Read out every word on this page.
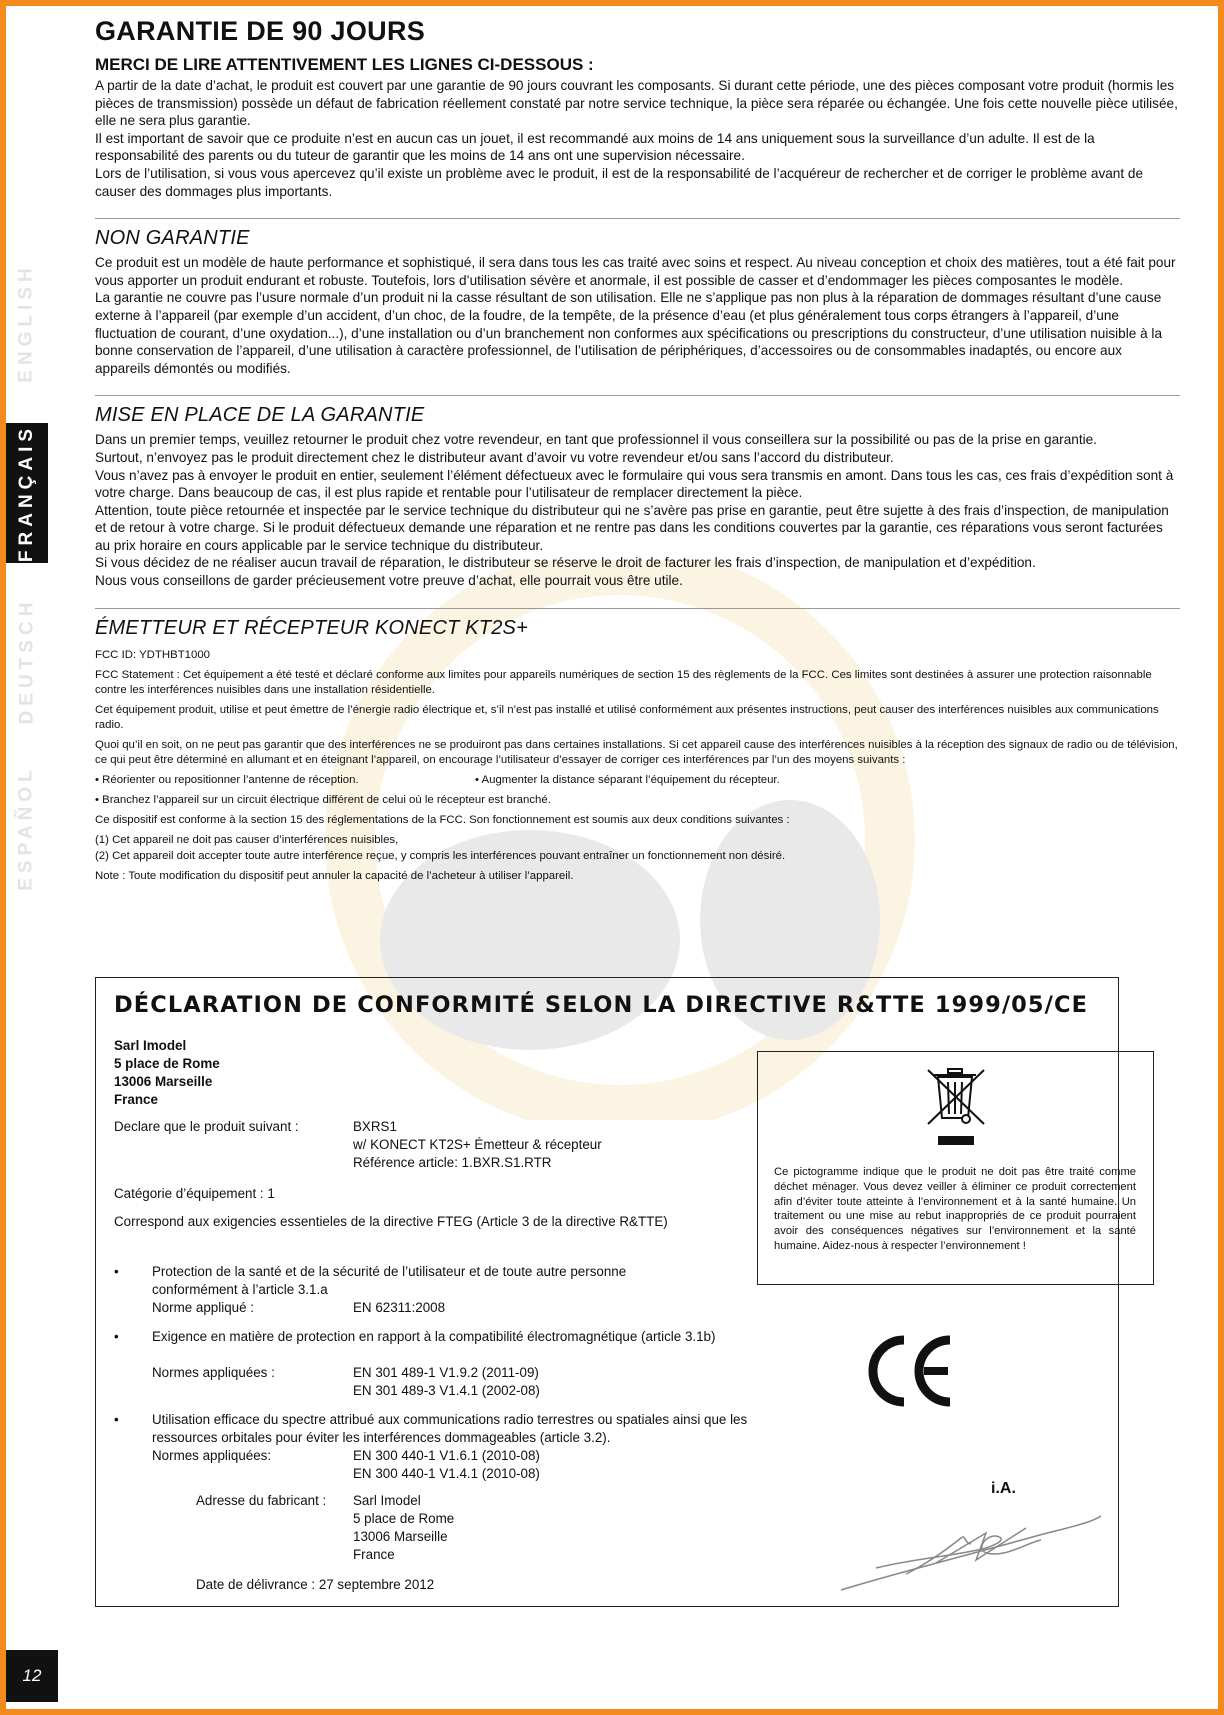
ENGLISH
FRANÇAIS
DEUTSCH
ESPAÑOL
12
GARANTIE DE 90 JOURS
MERCI DE LIRE ATTENTIVEMENT LES LIGNES CI-DESSOUS :

A partir de la date d’achat, le produit est couvert par une garantie de 90 jours couvrant les composants. Si durant cette période, une des pièces composant votre produit (hormis les pièces de transmission) possède un défaut de fabrication réellement constaté par notre service technique, la pièce sera réparée ou échangée. Une fois cette nouvelle pièce utilisée, elle ne sera plus garantie.

Il est important de savoir que ce produite n’est en aucun cas un jouet, il est recommandé aux moins de 14 ans uniquement sous la surveillance d’un adulte. Il est de la responsabilité des parents ou du tuteur de garantir que les moins de 14 ans ont une supervision nécessaire.

Lors de l’utilisation, si vous vous apercevez qu’il existe un problème avec le produit, il est de la responsabilité de l’acquéreur de rechercher et de corriger le problème avant de causer des dommages plus importants.

NON GARANTIE

Ce produit est un modèle de haute performance et sophistiqué, il sera dans tous les cas traité avec soins et respect. Au niveau conception et choix des matières, tout a été fait pour vous apporter un produit endurant et robuste. Toutefois, lors d’utilisation sévère et anormale, il est possible de casser et d’endommager les pièces composantes le modèle.

La garantie ne couvre pas l’usure normale d’un produit ni la casse résultant de son utilisation. Elle ne s’applique pas non plus à la réparation de dommages résultant d’une cause externe à l’appareil (par exemple d’un accident, d’un choc, de la foudre, de la tempête, de la présence d’eau (et plus généralement tous corps étrangers à l’appareil, d’une fluctuation de courant, d’une oxydation...), d’une installation ou d’un branchement non conformes aux spécifications ou prescriptions du constructeur, d’une utilisation nuisible à la bonne conservation de l’appareil, d’une utilisation à caractère professionnel, de l’utilisation de périphériques, d’accessoires ou de consommables inadaptés, ou encore aux appareils démontés ou modifiés.

MISE EN PLACE DE LA GARANTIE

Dans un premier temps, veuillez retourner le produit chez votre revendeur, en tant que professionnel il vous conseillera sur la possibilité ou pas de la prise en garantie.

Surtout, n’envoyez pas le produit directement chez le distributeur avant d’avoir vu votre revendeur et/ou sans l’accord du distributeur.

Vous n’avez pas à envoyer le produit en entier, seulement l’élément défectueux avec le formulaire qui vous sera transmis en amont. Dans tous les cas, ces frais d’expédition sont à votre charge. Dans beaucoup de cas, il est plus rapide et rentable pour l’utilisateur de remplacer directement la pièce.

Attention, toute pièce retournée et inspectée par le service technique du distributeur qui ne s’avère pas prise en garantie, peut être sujette à des frais d’inspection, de manipulation et de retour à votre charge. Si le produit défectueux demande une réparation et ne rentre pas dans les conditions couvertes par la garantie, ces réparations vous seront facturées au prix horaire en cours applicable par le service technique du distributeur.

Si vous décidez de ne réaliser aucun travail de réparation, le distributeur se réserve le droit de facturer les frais d’inspection, de manipulation et d’expédition.

Nous vous conseillons de garder précieusement votre preuve d’achat, elle pourrait vous être utile.

ÉMETTEUR ET RÉCEPTEUR KONECT KT2S+

FCC ID: YDTHBT1000

FCC Statement : Cet équipement a été testé et déclaré conforme aux limites pour appareils numériques de section 15 des règlements de la FCC. Ces limites sont destinées à assurer une protection raisonnable contre les interférences nuisibles dans une installation résidentielle.

Cet équipement produit, utilise et peut émettre de l’énergie radio électrique et, s’il n’est pas installé et utilisé conformément aux présentes instructions, peut causer des interférences nuisibles aux communications radio.

Quoi qu’il en soit, on ne peut pas garantir que des interférences ne se produiront pas dans certaines installations. Si cet appareil cause des interférences nuisibles à la réception des signaux de radio ou de télévision, ce qui peut être déterminé en allumant et en éteignant l’appareil, on encourage l’utilisateur d’essayer de corriger ces interférences par l’un des moyens suivants :

• Réorienter ou repositionner l’antenne de réception.	• Augmenter la distance séparant l’équipement du récepteur.

• Branchez l’appareil sur un circuit électrique différent de celui où le récepteur est branché.

Ce dispositif est conforme à la section 15 des réglementations de la FCC. Son fonctionnement est soumis aux deux conditions suivantes :

(1) Cet appareil ne doit pas causer d’interférences nuisibles,

(2) Cet appareil doit accepter toute autre interférence reçue, y compris les interférences pouvant entraîner un fonctionnement non désiré.

Note : Toute modification du dispositif peut annuler la capacité de l’acheteur à utiliser l’appareil.

DÉCLARATION DE CONFORMITÉ SELON LA DIRECTIVE R&TTE 1999/05/CE
Sarl Imodel
5 place de Rome
13006 Marseille
France
Declare que le produit suivant :	BXRS1
w/ KONECT KT2S+ Émetteur & récepteur
Référence article: 1.BXR.S1.RTR
Catégorie d’équipement : 1
Correspond aux exigencies essentieles de la directive FTEG (Article 3 de la directive R&TTE)
• Protection de la santé et de la sécurité de l’utilisateur et de toute autre personne conformément à l’article 3.1.a
Norme appliqué :	EN 62311:2008
• Exigence en matière de protection en rapport à la compatibilité électromagnétique (article 3.1b)
Normes appliquées :	EN 301 489-1 V1.9.2 (2011-09)
EN 301 489-3 V1.4.1 (2002-08)
• Utilisation efficace du spectre attribué aux communications radio terrestres ou spatiales ainsi que les ressources orbitales pour éviter les interférences dommageables (article 3.2).
Normes appliquées:	EN 300 440-1 V1.6.1 (2010-08)
EN 300 440-1 V1.4.1 (2010-08)
Adresse du fabricant : Sarl Imodel
5 place de Rome
13006 Marseille
France
Date de délivrance : 27 septembre 2012
Ce pictogramme indique que le produit ne doit pas être traité comme déchet ménager. Vous devez veiller à éliminer ce produit correctement afin d’éviter toute atteinte à l’environnement et à la santé humaine. Un traitement ou une mise au rebut inappropriés de ce produit pourraient avoir des conséquences négatives sur l’environnement et la santé humaine. Aidez-nous à respecter l’environnement !
i.A.
